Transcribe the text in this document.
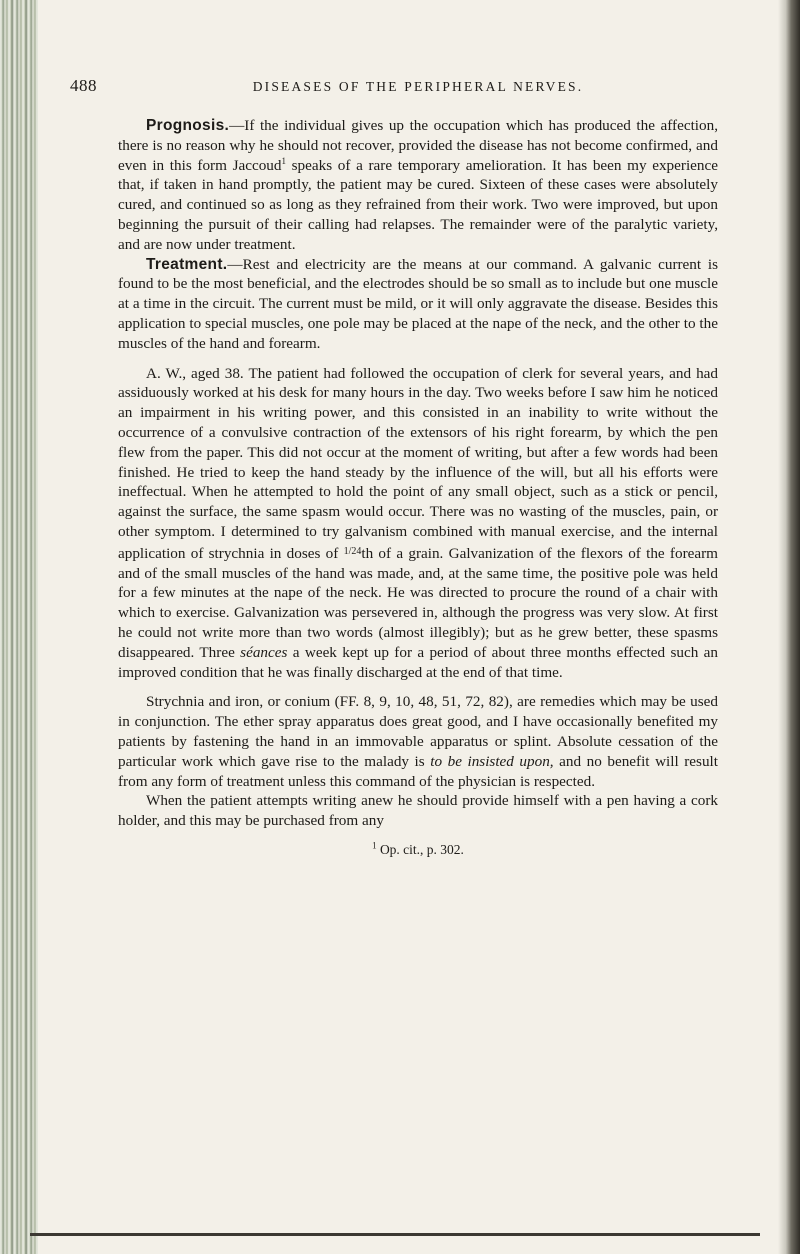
488	DISEASES OF THE PERIPHERAL NERVES.

Prognosis.—If the individual gives up the occupation which has produced the affection, there is no reason why he should not recover, provided the disease has not become confirmed, and even in this form Jaccoud$^1$ speaks of a rare temporary amelioration. It has been my experience that, if taken in hand promptly, the patient may be cured. Sixteen of these cases were absolutely cured, and continued so as long as they refrained from their work. Two were improved, but upon beginning the pursuit of their calling had relapses. The remainder were of the paralytic variety, and are now under treatment.

Treatment.—Rest and electricity are the means at our command. A galvanic current is found to be the most beneficial, and the electrodes should be so small as to include but one muscle at a time in the circuit. The current must be mild, or it will only aggravate the disease. Besides this application to special muscles, one pole may be placed at the nape of the neck, and the other to the muscles of the hand and forearm.

A. W., aged 38. The patient had followed the occupation of clerk for several years, and had assiduously worked at his desk for many hours in the day. Two weeks before I saw him he noticed an impairment in his writing power, and this consisted in an inability to write without the occurrence of a convulsive contraction of the extensors of his right forearm, by which the pen flew from the paper. This did not occur at the moment of writing, but after a few words had been finished. He tried to keep the hand steady by the influence of the will, but all his efforts were ineffectual. When he attempted to hold the point of any small object, such as a stick or pencil, against the surface, the same spasm would occur. There was no wasting of the muscles, pain, or other symptom. I determined to try galvanism combined with manual exercise, and the internal application of strychnia in doses of $^{1/24}$th of a grain. Galvanization of the flexors of the forearm and of the small muscles of the hand was made, and, at the same time, the positive pole was held for a few minutes at the nape of the neck. He was directed to procure the round of a chair with which to exercise. Galvanization was persevered in, although the progress was very slow. At first he could not write more than two words (almost illegibly); but as he grew better, these spasms disappeared. Three séances a week kept up for a period of about three months effected such an improved condition that he was finally discharged at the end of that time.

Strychnia and iron, or conium (FF. 8, 9, 10, 48, 51, 72, 82), are remedies which may be used in conjunction. The ether spray apparatus does great good, and I have occasionally benefited my patients by fastening the hand in an immovable apparatus or splint. Absolute cessation of the particular work which gave rise to the malady is to be insisted upon, and no benefit will result from any form of treatment unless this command of the physician is respected.

When the patient attempts writing anew he should provide himself with a pen having a cork holder, and this may be purchased from any

$^1$ Op. cit., p. 302.
